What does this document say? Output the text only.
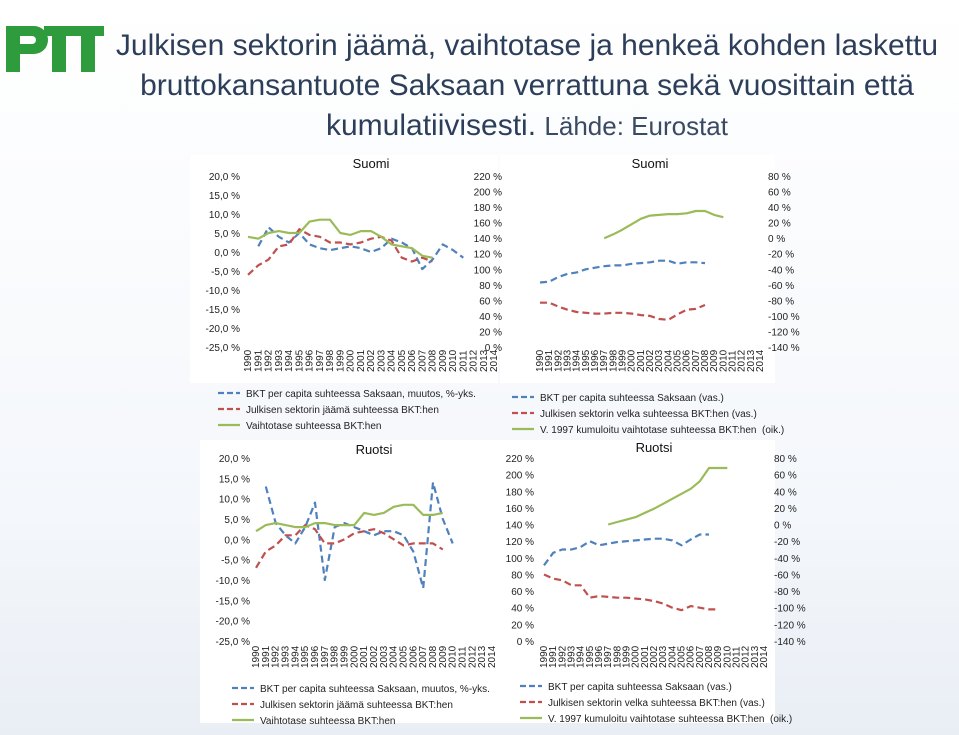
Julkisen sektorin jäämä, vaihtotase ja henkeä kohden laskettu bruttokansantuote Saksaan verrattuna sekä vuosittain että kumulatiivisesti. Lähde: Eurostat
Suomi
-25,0 %
-20,0 %
-15,0 %
-10,0 %
-5,0 %
0,0 %
5,0 %
10,0 %
15,0 %
20,0 %
1990 1991 1992 1993 1994 1995 1996 1997 1998 1999 2000 2001 2002 2003 2004 2005 2006 2007 2008 2009 2010 2011 2012 2013 2014
BKT per capita suhteessa Saksaan, muutos, %-yks.
Julkisen sektorin jäämä suhteessa BKT:hen
Vaihtotase suhteessa BKT:hen
Suomi
0 %
20 %
40 %
60 %
80 %
100 %
120 %
140 %
160 %
180 %
200 %
220 %
-140 %
-120 %
-100 %
-80 %
-60 %
-40 %
-20 %
0 %
20 %
40 %
60 %
80 %
1990
1991
1992
1993
1994
1995
1996
1997
1998
1999
2000
2001
2002
2003
2004
2005
2006
2007
2008
2009
2010
2011
2012
2013
2014
BKT per capita suhteessa Saksaan (vas.)
Julkisen sektorin velka suhteessa BKT:hen (vas.)
V. 1997 kumuloitu vaihtotase suhteessa BKT:hen (oik.)
Ruotsi
-25,0 %
-20,0 %
-15,0 %
-10,0 %
-5,0 %
0,0 %
5,0 %
10,0 %
15,0 %
20,0 %
1990
1991
1992
1993
1994
1995
1996
1997
1998
1999
2000
2001
2002
2003
2004
2005
2006
2007
2008
2009
2010
2011
2012
2013
2014
BKT per capita suhteessa Saksaan, muutos, %-yks.
Julkisen sektorin jäämä suhteessa BKT:hen
Vaihtotase suhteessa BKT:hen
Ruotsi
0 %
20 %
40 %
60 %
80 %
100 %
120 %
140 %
160 %
180 %
200 %
220 %
-140 %
-120 %
-100 %
-80 %
-60 %
-40 %
-20 %
0 %
20 %
40 %
60 %
80 %
1990
1991
1992
1993
1994
1995
1996
1997
1998
1999
2000
2001
2002
2003
2004
2005
2006
2007
2008
2009
2010
2011
2012
2013
2014
BKT per capita suhteessa Saksaan (vas.)
Julkisen sektorin velka suhteessa BKT:hen (vas.)
V. 1997 kumuloitu vaihtotase suhteessa BKT:hen (oik.)
